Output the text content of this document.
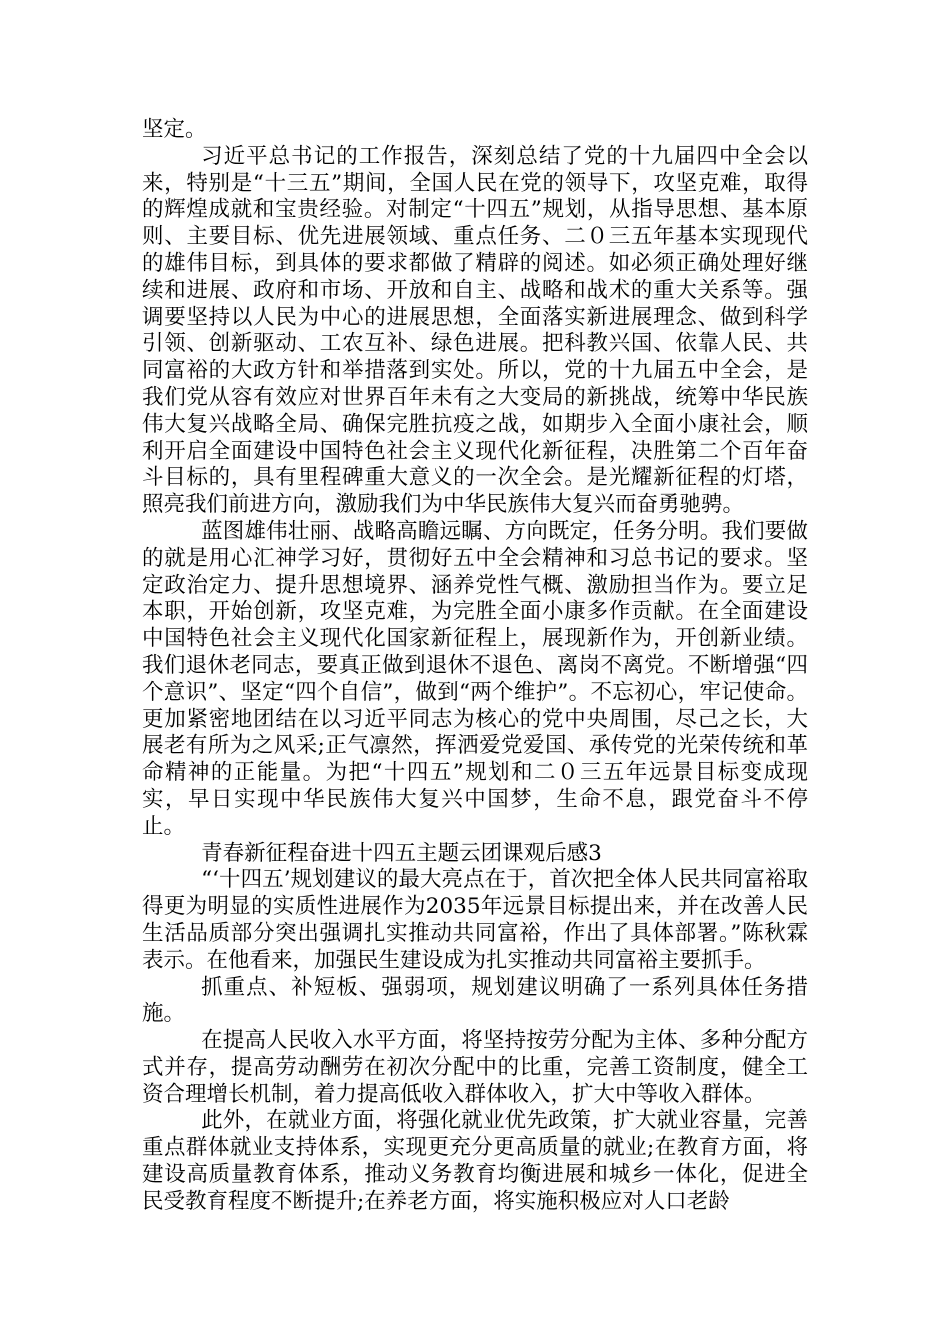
坚定。

习近平总书记的工作报告，深刻总结了党的十九届四中全会以来，特别是“十三五”期间，全国人民在党的领导下，攻坚克难，取得的辉煌成就和宝贵经验。对制定“十四五”规划，从指导思想、基本原则、主要目标、优先进展领域、重点任务、二０三五年基本实现现代的雄伟目标，到具体的要求都做了精辟的阅述。如必须正确处理好继续和进展、政府和市场、开放和自主、战略和战术的重大关系等。强调要坚持以人民为中心的进展思想，全面落实新进展理念、做到科学引领、创新驱动、工农互补、绿色进展。把科教兴国、依靠人民、共同富裕的大政方针和举措落到实处。所以，党的十九届五中全会，是我们党从容有效应对世界百年未有之大变局的新挑战，统筹中华民族伟大复兴战略全局、确保完胜抗疫之战，如期步入全面小康社会，顺利开启全面建设中国特色社会主义现代化新征程，决胜第二个百年奋斗目标的，具有里程碑重大意义的一次全会。是光耀新征程的灯塔，照亮我们前进方向，激励我们为中华民族伟大复兴而奋勇驰骋。

蓝图雄伟壮丽、战略高瞻远瞩、方向既定，任务分明。我们要做的就是用心汇神学习好，贯彻好五中全会精神和习总书记的要求。坚定政治定力、提升思想境界、涵养党性气概、激励担当作为。要立足本职，开始创新，攻坚克难，为完胜全面小康多作贡献。在全面建设中国特色社会主义现代化国家新征程上，展现新作为，开创新业绩。我们退休老同志，要真正做到退休不退色、离岗不离党。不断增强“四个意识”、坚定“四个自信”，做到“两个维护”。不忘初心，牢记使命。更加紧密地团结在以习近平同志为核心的党中央周围，尽己之长，大展老有所为之风采;正气凛然，挥洒爱党爱国、承传党的光荣传统和革命精神的正能量。为把“十四五”规划和二０三五年远景目标变成现实，早日实现中华民族伟大复兴中国梦，生命不息，跟党奋斗不停止。

青春新征程奋进十四五主题云团课观后感3

“‘十四五’规划建议的最大亮点在于，首次把全体人民共同富裕取得更为明显的实质性进展作为2035年远景目标提出来，并在改善人民生活品质部分突出强调扎实推动共同富裕，作出了具体部署。”陈秋霖表示。在他看来，加强民生建设成为扎实推动共同富裕主要抓手。

抓重点、补短板、强弱项，规划建议明确了一系列具体任务措施。

在提高人民收入水平方面，将坚持按劳分配为主体、多种分配方式并存，提高劳动酬劳在初次分配中的比重，完善工资制度，健全工资合理增长机制，着力提高低收入群体收入，扩大中等收入群体。

此外，在就业方面，将强化就业优先政策，扩大就业容量，完善重点群体就业支持体系，实现更充分更高质量的就业;在教育方面，将建设高质量教育体系，推动义务教育均衡进展和城乡一体化，促进全民受教育程度不断提升;在养老方面，将实施积极应对人口老龄
